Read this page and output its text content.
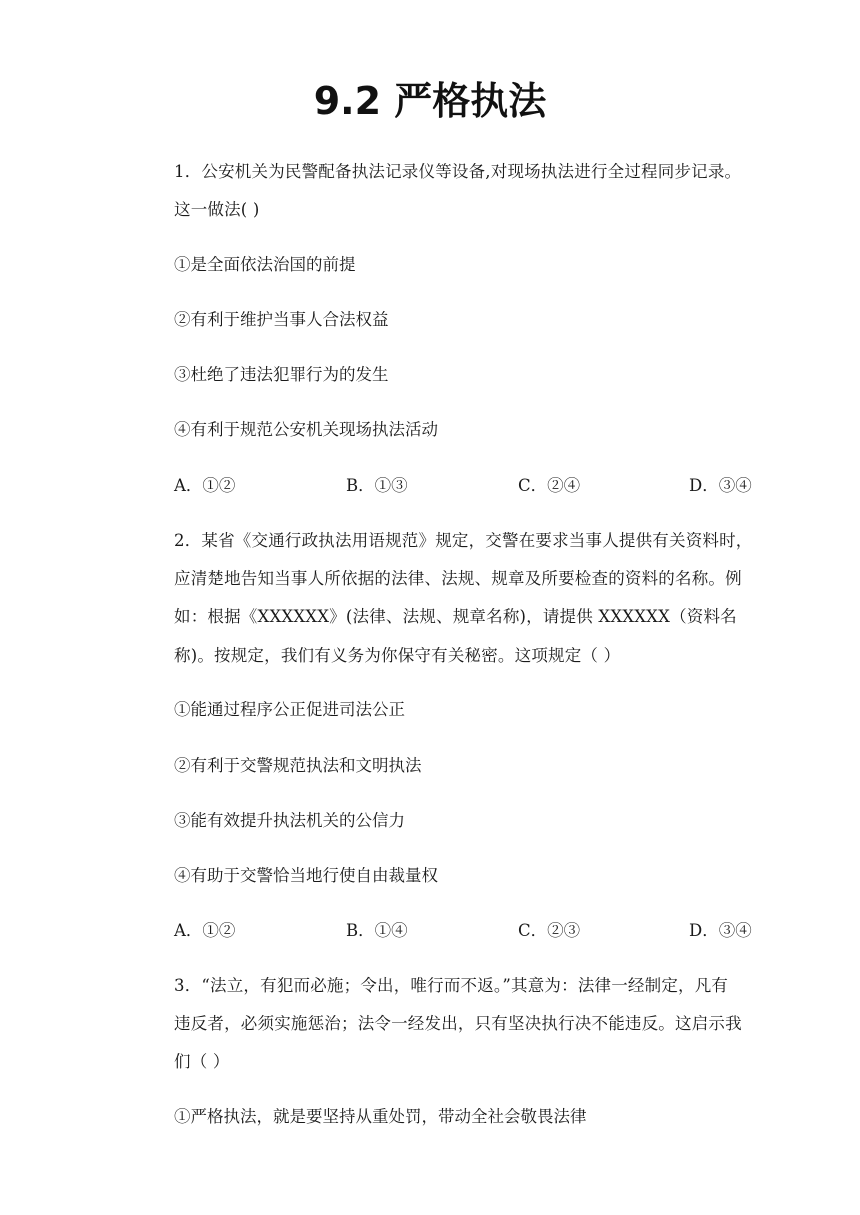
9.2 严格执法
1．公安机关为民警配备执法记录仪等设备,对现场执法进行全过程同步记录。
这一做法( )
①是全面依法治国的前提
②有利于维护当事人合法权益
③杜绝了违法犯罪行为的发生
④有利于规范公安机关现场执法活动
A．①②	B．①③	C．②④	D．③④
2．某省《交通行政执法用语规范》规定，交警在要求当事人提供有关资料时，
应清楚地告知当事人所依据的法律、法规、规章及所要检查的资料的名称。例
如：根据《XXXXXX》(法律、法规、规章名称)，请提供 XXXXXX（资料名
称)。按规定，我们有义务为你保守有关秘密。这项规定（ ）
①能通过程序公正促进司法公正
②有利于交警规范执法和文明执法
③能有效提升执法机关的公信力
④有助于交警恰当地行使自由裁量权
A．①②	B．①④	C．②③	D．③④
3．“法立，有犯而必施；令出，唯行而不返。”其意为：法律一经制定，凡有
违反者，必须实施惩治；法令一经发出，只有坚决执行决不能违反。这启示我
们（ ）
①严格执法，就是要坚持从重处罚，带动全社会敬畏法律
